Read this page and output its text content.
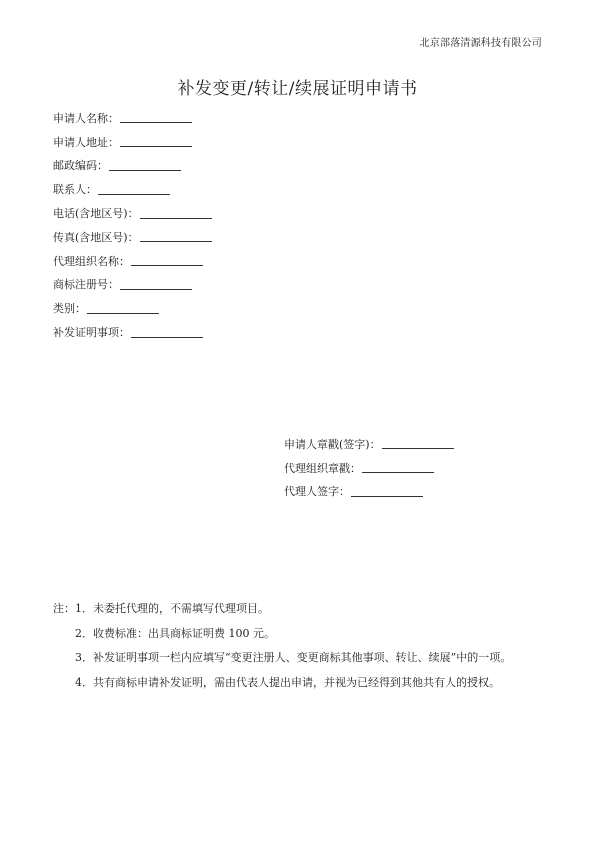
北京部落清源科技有限公司
补发变更/转让/续展证明申请书
申请人名称：
申请人地址：
邮政编码：
联系人：
电话(含地区号)：
传真(含地区号)：
代理组织名称：
商标注册号：
类别：
补发证明事项：
申请人章戳(签字)：
代理组织章戳：
代理人签字：
注： 1．未委托代理的，不需填写代理项目。
2．收费标准：出具商标证明费 100 元。
3．补发证明事项一栏内应填写“变更注册人、变更商标其他事项、转让、续展”中的一项。
4．共有商标申请补发证明，需由代表人提出申请，并视为已经得到其他共有人的授权。
